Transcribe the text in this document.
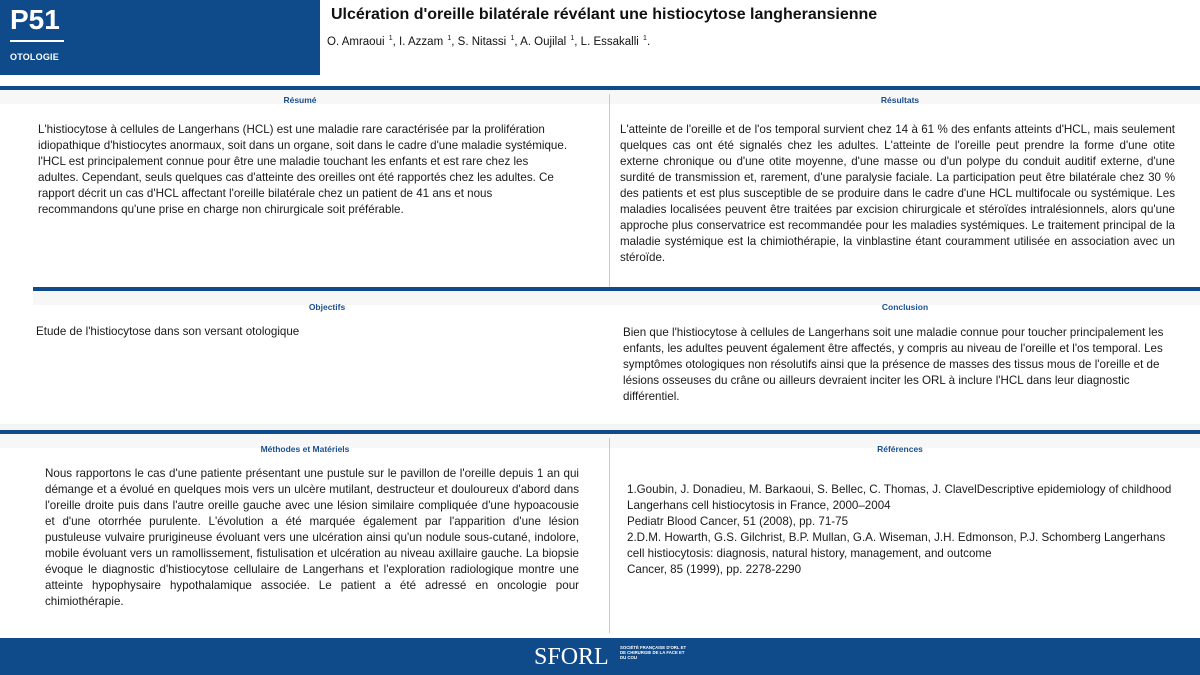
P51
OTOLOGIE
Ulcération d'oreille bilatérale révélant une histiocytose langheransienne
O. Amraoui $^1$, I. Azzam $^1$, S. Nitassi $^1$, A. Oujilal $^1$, L. Essakalli $^1$.
Résumé	Résultats
L'histiocytose à cellules de Langerhans (HCL) est une maladie rare caractérisée par la prolifération idiopathique d'histiocytes anormaux, soit dans un organe, soit dans le cadre d'une maladie systémique. l'HCL est principalement connue pour être une maladie touchant les enfants et est rare chez les adultes. Cependant, seuls quelques cas d'atteinte des oreilles ont été rapportés chez les adultes. Ce rapport décrit un cas d'HCL affectant l'oreille bilatérale chez un patient de 41 ans et nous recommandons qu'une prise en charge non chirurgicale soit préférable.
L'atteinte de l'oreille et de l'os temporal survient chez 14 à 61 % des enfants atteints d'HCL, mais seulement quelques cas ont été signalés chez les adultes. L'atteinte de l'oreille peut prendre la forme d'une otite externe chronique ou d'une otite moyenne, d'une masse ou d'un polype du conduit auditif externe, d'une surdité de transmission et, rarement, d'une paralysie faciale. La participation peut être bilatérale chez 30 % des patients et est plus susceptible de se produire dans le cadre d'une HCL multifocale ou systémique. Les maladies localisées peuvent être traitées par excision chirurgicale et stéroïdes intralésionnels, alors qu'une approche plus conservatrice est recommandée pour les maladies systémiques. Le traitement principal de la maladie systémique est la chimiothérapie, la vinblastine étant couramment utilisée en association avec un stéroïde.
Objectifs	Conclusion
Etude de l'histiocytose dans son versant otologique	Bien que l'histiocytose à cellules de Langerhans soit une maladie connue pour toucher principalement les enfants, les adultes peuvent également être affectés, y compris au niveau de l'oreille et l'os temporal. Les symptômes otologiques non résolutifs ainsi que la présence de masses des tissus mous de l'oreille et de lésions osseuses du crâne ou ailleurs devraient inciter les ORL à inclure l'HCL dans leur diagnostic différentiel.
Méthodes et Matériels	Références
Nous rapportons le cas d'une patiente présentant une pustule sur le pavillon de l'oreille depuis 1 an qui démange et a évolué en quelques mois vers un ulcère mutilant, destructeur et douloureux d'abord dans l'oreille droite puis dans l'autre oreille gauche avec une lésion similaire compliquée d'une hypoacousie et d'une otorrhée purulente. L'évolution a été marquée également par l'apparition d'une lésion pustuleuse vulvaire prurigineuse évoluant vers une ulcération ainsi qu'un nodule sous-cutané, indolore, mobile évoluant vers un ramollissement, fistulisation et ulcération au niveau axillaire gauche. La biopsie évoque le diagnostic d'histiocytose cellulaire de Langerhans et l'exploration radiologique montre une atteinte hypophysaire hypothalamique associée. Le patient a été adressé en oncologie pour chimiothérapie.
1.Goubin, J. Donadieu, M. Barkaoui, S. Bellec, C. Thomas, J. ClavelDescriptive epidemiology of childhood Langerhans cell histiocytosis in France, 2000–2004
Pediatr Blood Cancer, 51 (2008), pp. 71-75
2.D.M. Howarth, G.S. Gilchrist, B.P. Mullan, G.A. Wiseman, J.H. Edmonson, P.J. Schomberg Langerhans cell histiocytosis: diagnosis, natural history, management, and outcome
Cancer, 85 (1999), pp. 2278-2290
SFORL	SOCIÉTÉ FRANÇAISE D'ORL ET DE CHIRURGIE DE LA FACE ET DU COU
